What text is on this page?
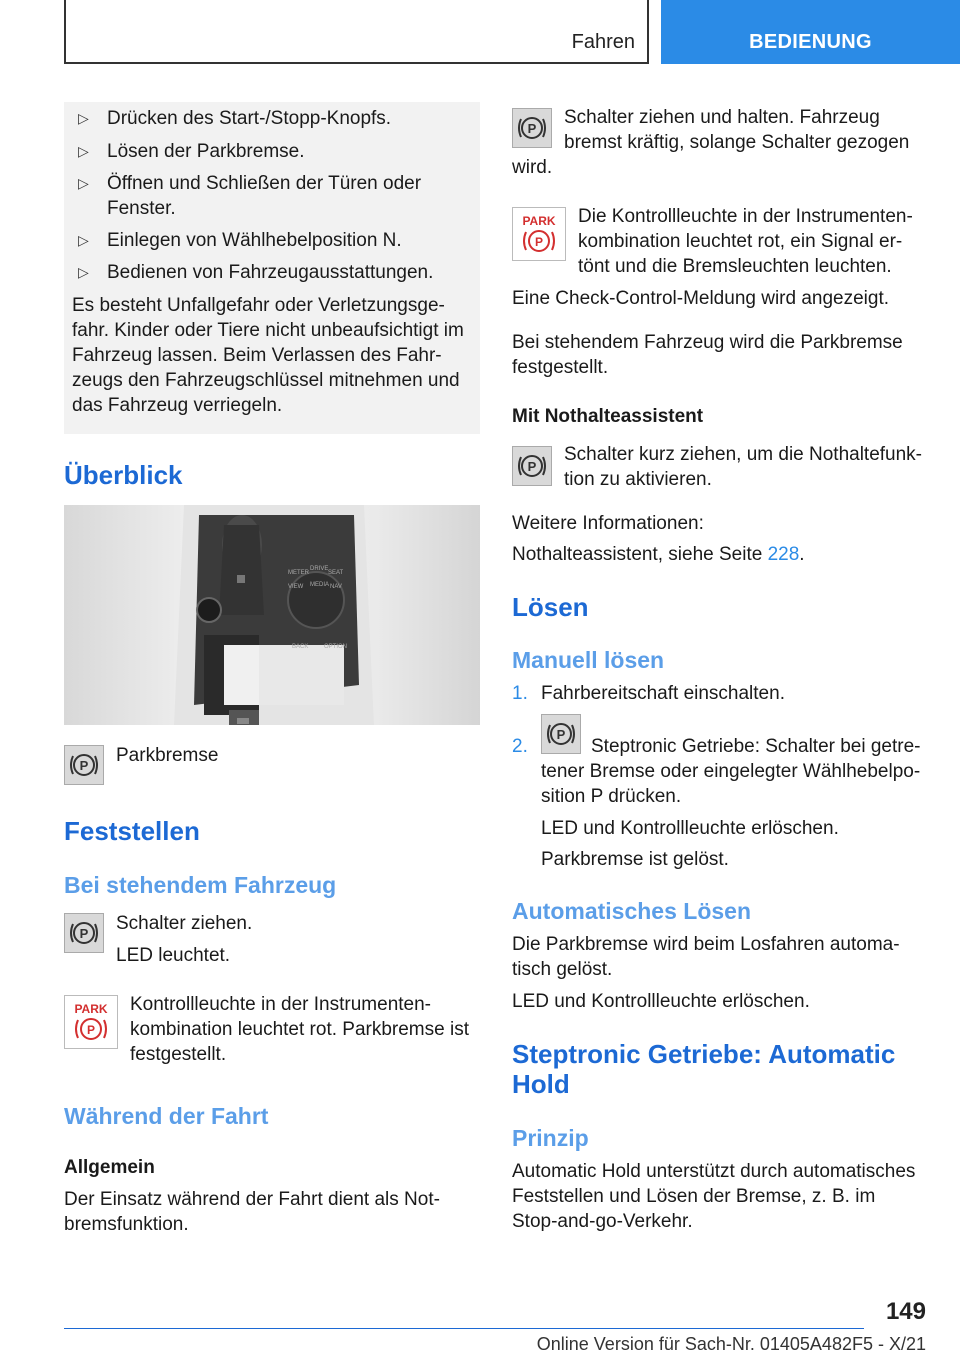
Fahren	BEDIENUNG
▷ Drücken des Start-/Stopp-Knopfs.
▷ Lösen der Parkbremse.
▷ Öffnen und Schließen der Türen oder
Fenster.
▷ Einlegen von Wählhebelposition N.
▷ Bedienen von Fahrzeugausstattungen.
Es besteht Unfallgefahr oder Verletzungsge-
fahr. Kinder oder Tiere nicht unbeaufsichtigt im
Fahrzeug lassen. Beim Verlassen des Fahr-
zeugs den Fahrzeugschlüssel mitnehmen und
das Fahrzeug verriegeln.
Überblick
METER
DRIVE
SEAT
VIEW MEDIA NAV
BACK	OPTION
P Parkbremse
Feststellen
Bei stehendem Fahrzeug
P Schalter ziehen.
LED leuchtet.
PARK
P
Kontrollleuchte in der Instrumenten-
kombination leuchtet rot. Parkbremse ist
festgestellt.
Während der Fahrt
Allgemein
Der Einsatz während der Fahrt dient als Not-
bremsfunktion.
P
Schalter ziehen und halten. Fahrzeug
bremst kräftig, solange Schalter gezogen
wird.
PARK
P
Die Kontrollleuchte in der Instrumenten-
kombination leuchtet rot, ein Signal er-
tönt und die Bremsleuchten leuchten.
Eine Check-Control-Meldung wird angezeigt.
Bei stehendem Fahrzeug wird die Parkbremse
festgestellt.
Mit Nothalteassistent
P
Schalter kurz ziehen, um die Nothaltefunk-
tion zu aktivieren.
Weitere Informationen:
Nothalteassistent, siehe Seite 228.
Lösen
Manuell lösen
1. Fahrbereitschaft einschalten.
2.
P
Steptronic Getriebe: Schalter bei getre-
tener Bremse oder eingelegter Wählhebelpo-
sition P drücken.
LED und Kontrollleuchte erlöschen.
Parkbremse ist gelöst.
Automatisches Lösen
Die Parkbremse wird beim Losfahren automa-
tisch gelöst.
LED und Kontrollleuchte erlöschen.
Steptronic Getriebe: Automatic
Hold
Prinzip
Automatic Hold unterstützt durch automatisches
Feststellen und Lösen der Bremse, z. B. im
Stop-and-go-Verkehr.
149
Online Version für Sach-Nr. 01405A482F5 - X/21
